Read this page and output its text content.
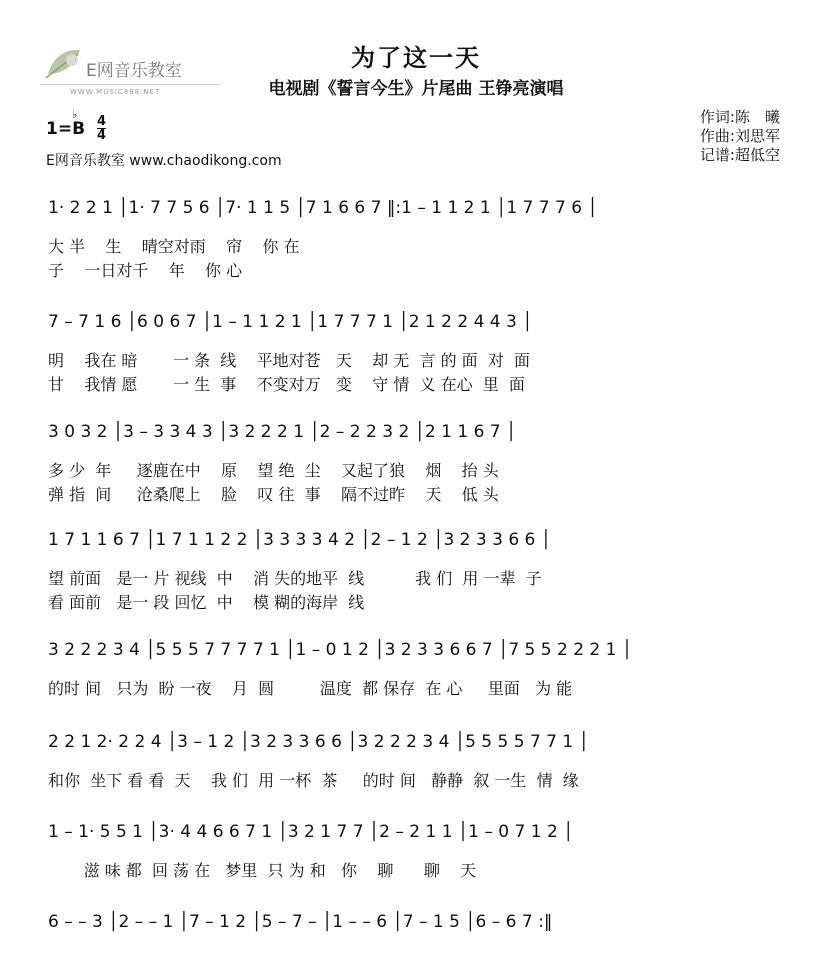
E网音乐教室
WWW.MUSIC888.NET
为了这一天
电视剧《誓言今生》片尾曲 王铮亮演唱
作词:陈　曦
作曲:刘思军
记谱:超低空
1=
♭
B 4
4
E网音乐教室 www.chaodikong.com
1· 2 2 1 │1· 7 7 5 6 │7· 1 1 5 │7 1 6 6 7 ‖:1 – 1 1 2 1 │1 7 7 7 6 │
大 半    生    晴空对雨    帘    你 在
子    一日对千    年    你 心
7 – 7 1 6 │6 0 6 7 │1 – 1 1 2 1 │1 7 7 7 1 │2 1 2 2 4 4 3 │
明    我在 暗       一 条  线    平地对苍   天    却 无  言 的 面  对  面
甘    我情 愿       一 生  事    不变对万   变    守 情  义 在心  里  面
3 0 3 2 │3 – 3 3 4 3 │3 2 2 2 1 │2 – 2 2 3 2 │2 1 1 6 7 │
多 少  年     逐鹿在中    原    望 绝  尘    又起了狼    烟    抬 头
弹 指  间     沧桑爬上    脸    叹 往  事    隔不过昨    天    低 头
1 7 1 1 6 7 │1 7 1 1 2 2 │3 3 3 3 4 2 │2 – 1 2 │3 2 3 3 6 6 │
望 前面   是一 片 视线  中    消 失的地平  线          我 们  用 一辈  子
看 面前   是一 段 回忆  中    模 糊的海岸  线
3 2 2 2 3 4 │5 5 5 7 7 7 7 1 │1 – 0 1 2 │3 2 3 3 6 6 7 │7 5 5 2 2 2 1 │
的时 间   只为  盼 一夜    月  圆         温度  都 保存  在 心     里面   为 能
2 2 1 2· 2 2 4 │3 – 1 2 │3 2 3 3 6 6 │3 2 2 2 3 4 │5 5 5 5 7 7 1 │
和你  坐下 看 看  天    我 们  用 一杯  茶     的时 间   静静  叙 一生  情  缘
1 – 1· 5 5 1 │3· 4 4 6 6 7 1 │3 2 1 7 7 │2 – 2 1 1 │1 – 0 7 1 2 │
滋 味 都  回 荡 在   梦里  只 为 和   你    聊      聊    天
6 – – 3 │2 – – 1 │7 – 1 2 │5 – 7 – │1 – – 6 │7 – 1 5 │6 – 6 7 :‖
